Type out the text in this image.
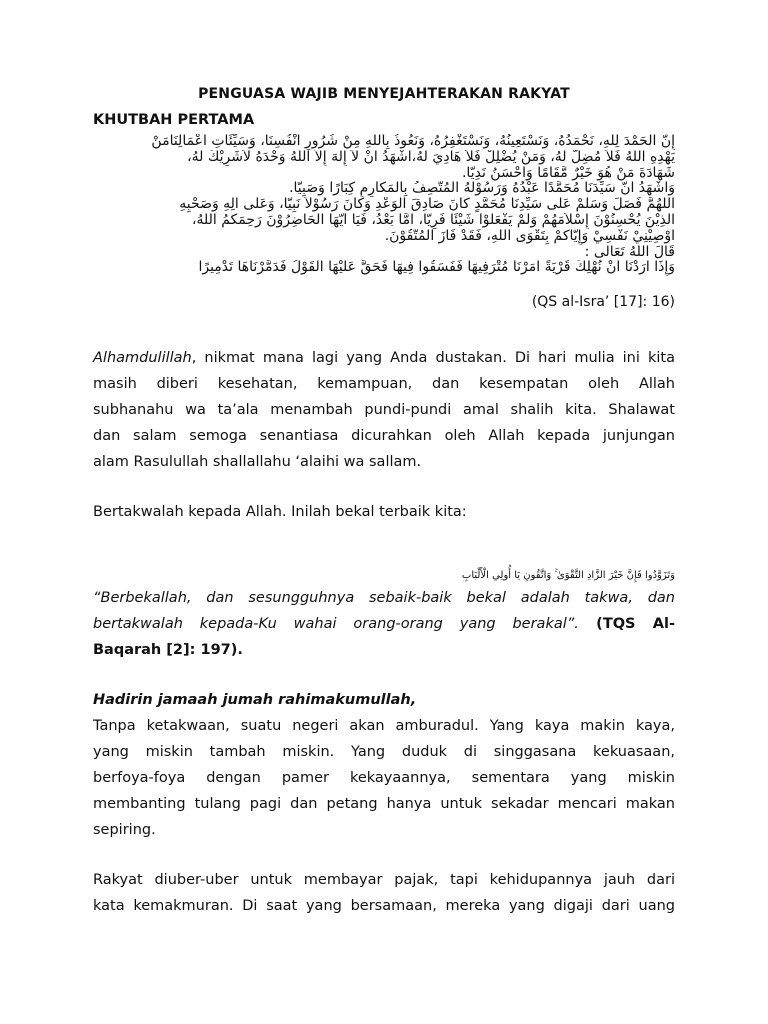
PENGUASA WAJIB MENYEJAHTERAKAN RAKYAT
KHUTBAH PERTAMA
إِنَّ الْحَمْدَ لِلَّهِ، نَحْمَدُهُ، وَنَسْتَعِينُهُ، وَنَسْتَغْفِرُهُ، وَنَعُوذُ بِاللَّهِ مِنْ شُرُورِ أَنْفُسِنَا، وَسَيِّئَاتِ أَعْمَالِنَامَنْ
يَهْدِهِ اللَّهُ فَلاَ مُضِلَّ لَهُ، وَمَنْ يُضْلِلْ فَلاَ هَادِيَ لَهُ،أَشْهَدُ أَنْ لاَ إِلَهَ إِلاَّ اللهُ وَحْدَهُ لاَشَرِيْكَ لَهُ،
شَهَادَةَ مَنْ هُوَ خَيْرٌ مَّقَامًا وَأَحْسَنُ نَدِيًّا.
وَأَشْهَدُ أَنَّ سَيِّدَنَا مُحَمَّدًا عَبْدُهُ وَرَسُوْلُهُ الْمُتَّصِفُ بِالْمَكَارِمِ كِبَارًا وَصَبِيًّا.
اَللَّهُمَّ فَصَلِّ وَسَلِّمْ عَلَى سَيِّدِنَا مُحَمَّدٍ كَانَ صَادِقَ الْوَعْدِ وَكَانَ رَسُوْلاً نَبِيًّا، وَعَلَى آلِهِ وَصَحْبِهِ
الَّذِيْنَ يُحْسِنُوْنَ إِسْلاَمَهُمْ وَلَمْ يَفْعَلُوْا شَيْئًا فَرِيًّا، أَمَّا بَعْدُ، فَيَا أَيُّهَا الْحَاضِرُوْنَ رَحِمَكُمُ اللهُ،
أُوْصِيْنِيْ نَفْسِيْ وَإِيَّاكُمْ بِتَقْوَى اللهِ، فَقَدْ فَازَ الْمُتَّقُوْنَ.
قَالَ اللهُ تَعَالَى :
وَإِذَا أَرَدْنَا أَنْ نُهْلِكَ قَرْيَةً أَمَرْنَا مُتْرَفِيهَا فَفَسَقُوا فِيهَا فَحَقَّ عَلَيْهَا الْقَوْلُ فَدَمَّرْنَاهَا تَدْمِيرًا
(QS al-Isra’ [17]: 16)
Alhamdulillah, nikmat mana lagi yang Anda dustakan. Di hari mulia ini kita
masih diberi kesehatan, kemampuan, dan kesempatan oleh Allah
subhanahu wa ta’ala menambah pundi-pundi amal shalih kita. Shalawat
dan salam semoga senantiasa dicurahkan oleh Allah kepada junjungan
alam Rasulullah shallallahu ‘alaihi wa sallam.
Bertakwalah kepada Allah. Inilah bekal terbaik kita:
وَتَزَوَّدُوا فَإِنَّ خَيْرَ الزَّادِ التَّقْوَىٰ ۚ وَاتَّقُونِ يَا أُولِي الْأَلْبَابِ
“Berbekallah, dan sesungguhnya sebaik-baik bekal adalah takwa, dan
bertakwalah kepada-Ku wahai orang-orang yang berakal”. (TQS Al-
Baqarah [2]: 197).
Hadirin jamaah jumah rahimakumullah,
Tanpa ketakwaan, suatu negeri akan amburadul. Yang kaya makin kaya,
yang miskin tambah miskin. Yang duduk di singgasana kekuasaan,
berfoya-foya dengan pamer kekayaannya, sementara yang miskin
membanting tulang pagi dan petang hanya untuk sekadar mencari makan
sepiring.
Rakyat diuber-uber untuk membayar pajak, tapi kehidupannya jauh dari
kata kemakmuran. Di saat yang bersamaan, mereka yang digaji dari uang
